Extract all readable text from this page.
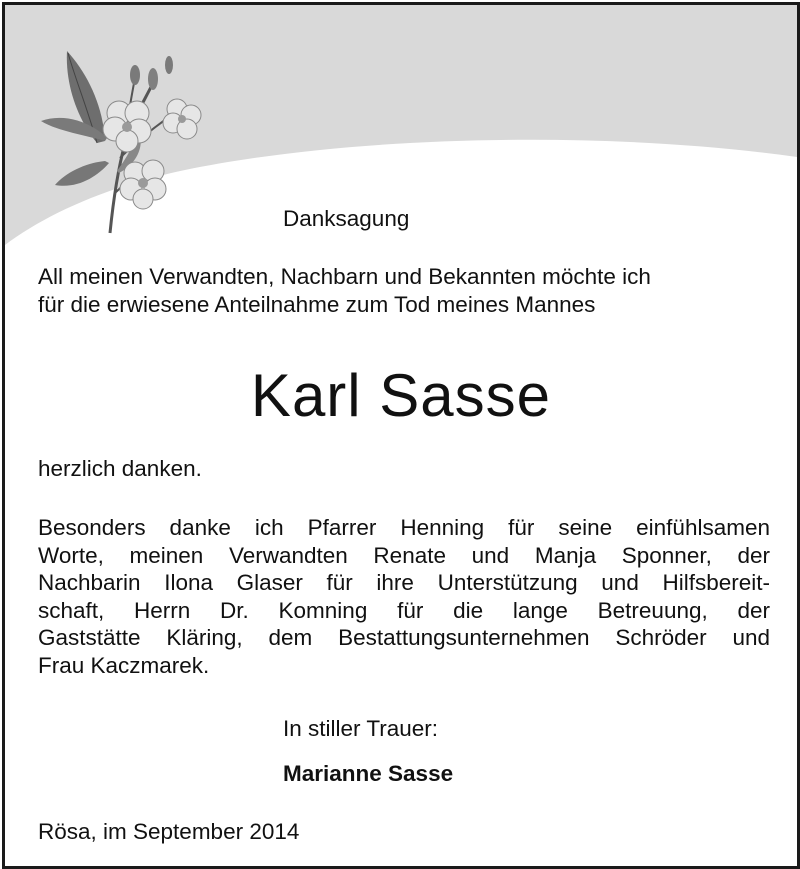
Danksagung

All meinen Verwandten, Nachbarn und Bekannten möchte ich
für die erwiesene Anteilnahme zum Tod meines Mannes
Karl Sasse

herzlich danken.

Besonders danke ich Pfarrer Henning für seine einfühlsamen
Worte, meinen Verwandten Renate und Manja Sponner, der
Nachbarin Ilona Glaser für ihre Unterstützung und Hilfsbereit-
schaft, Herrn Dr. Komning für die lange Betreuung, der
Gaststätte Kläring, dem Bestattungsunternehmen Schröder und
Frau Kaczmarek.

In stiller Trauer:

Marianne Sasse

Rösa, im September 2014
